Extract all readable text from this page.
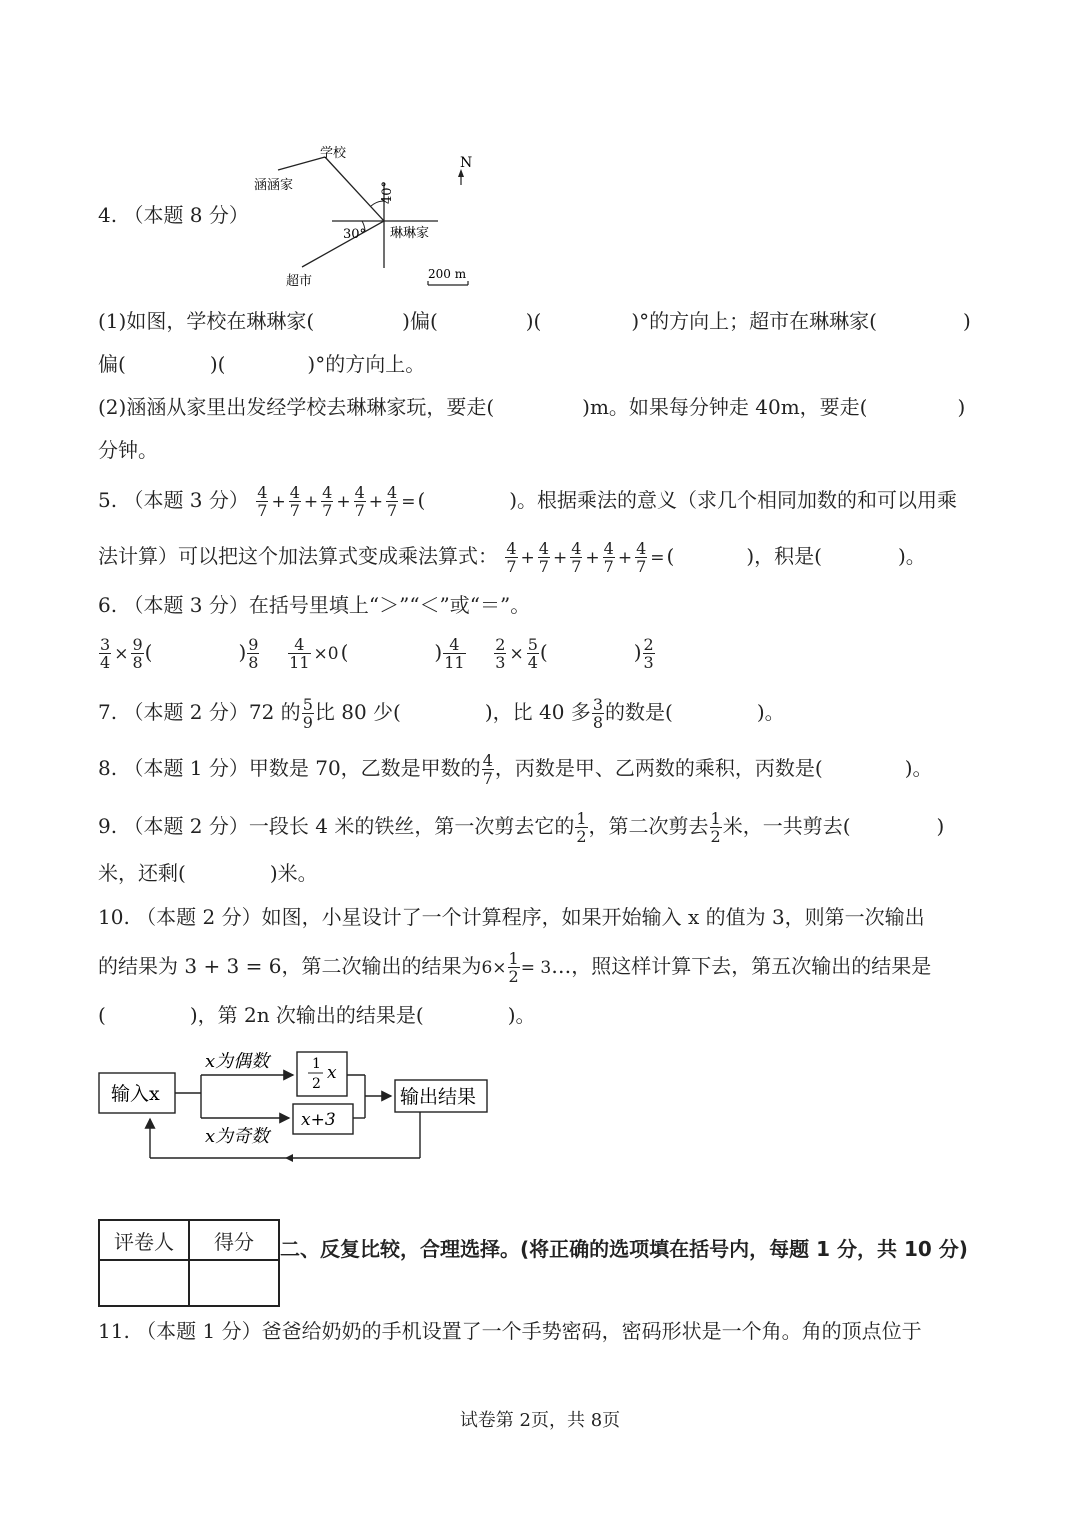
4. （本题 8 分）
N
学校
涵涵家
琳琳家
超市
40°
30°
200 m
(1)如图，学校在琳琳家(	)偏(	)(	)°的方向上；超市在琳琳家(	)
偏(	)(	)°的方向上。
(2)涵涵从家里出发经学校去琳琳家玩，要走(	)m。如果每分钟走 40m，要走(	)
分钟。
5. （本题 3 分） $\frac{4}{7} + \frac{4}{7} + \frac{4}{7} + \frac{4}{7} + \frac{4}{7}$ = (	)。根据乘法的意义（求几个相同加数的和可以用乘
法计算）可以把这个加法算式变成乘法算式： $\frac{4}{7} + \frac{4}{7} + \frac{4}{7} + \frac{4}{7} + \frac{4}{7}$ = (	)，积是(	)。
6. （本题 3 分）在括号里填上“＞”“＜”或“＝”。
$\frac{3}{4} \times \frac{9}{8}$ (	) $\frac{9}{8}$
$\frac{4}{11} \times 0$ (	) $\frac{4}{11}$
$\frac{2}{3} \times \frac{5}{4}$ (	) $\frac{2}{3}$
7. （本题 2 分）72 的 $\frac{5}{9}$ 比 80 少(	)，比 40 多 $\frac{3}{8}$ 的数是(	)。
8. （本题 1 分）甲数是 70，乙数是甲数的 $\frac{4}{7}$ ，丙数是甲、乙两数的乘积，丙数是(	)。
9. （本题 2 分）一段长 4 米的铁丝，第一次剪去它的 $\frac{1}{2}$ ，第二次剪去 $\frac{1}{2}$ 米，一共剪去(	)
米，还剩(	)米。
10. （本题 2 分）如图，小星设计了一个计算程序，如果开始输入 x 的值为 3，则第一次输出
的结果为 3 + 3 = 6，第二次输出的结果为$6\times \frac{1}{2}$ = 3…，照这样计算下去，第五次输出的结果是
(	)，第 2n 次输出的结果是(	)。
输入x
x为偶数
x为奇数
1
2
x
x+3
输出结果
评卷人	得分
	二、反复比较，合理选择。(将正确的选项填在括号内，每题 1 分，共 10 分)
11. （本题 1 分）爸爸给奶奶的手机设置了一个手势密码，密码形状是一个角。角的顶点位于
试卷第 2页，共 8页
